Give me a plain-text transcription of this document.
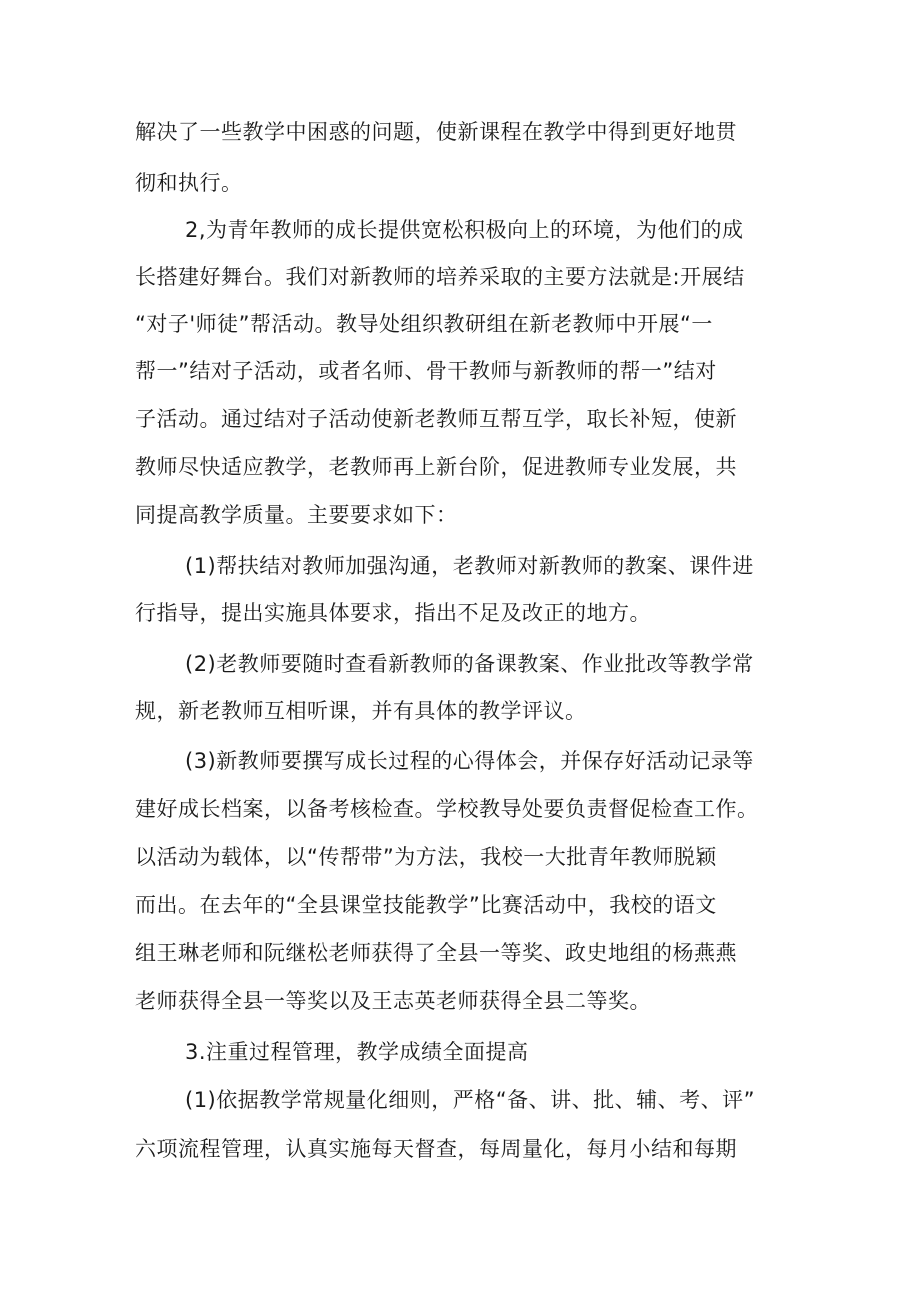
解决了一些教学中困惑的问题，使新课程在教学中得到更好地贯
彻和执行。
2,为青年教师的成长提供宽松积极向上的环境，为他们的成
长搭建好舞台。我们对新教师的培养采取的主要方法就是:开展结
“对子'师徒”帮活动。教导处组织教研组在新老教师中开展“一
帮一”结对子活动，或者名师、骨干教师与新教师的帮一”结对
子活动。通过结对子活动使新老教师互帮互学，取长补短，使新
教师尽快适应教学，老教师再上新台阶，促进教师专业发展，共
同提高教学质量。主要要求如下：
(1)帮扶结对教师加强沟通，老教师对新教师的教案、课件进
行指导，提出实施具体要求，指出不足及改正的地方。
(2)老教师要随时查看新教师的备课教案、作业批改等教学常
规，新老教师互相听课，并有具体的教学评议。
(3)新教师要撰写成长过程的心得体会，并保存好活动记录等
建好成长档案，以备考核检查。学校教导处要负责督促检查工作。
以活动为载体，以“传帮带”为方法，我校一大批青年教师脱颖
而出。在去年的“全县课堂技能教学”比赛活动中，我校的语文
组王琳老师和阮继松老师获得了全县一等奖、政史地组的杨燕燕
老师获得全县一等奖以及王志英老师获得全县二等奖。
3.注重过程管理，教学成绩全面提高
(1)依据教学常规量化细则，严格“备、讲、批、辅、考、评”
六项流程管理，认真实施每天督查，每周量化，每月小结和每期
